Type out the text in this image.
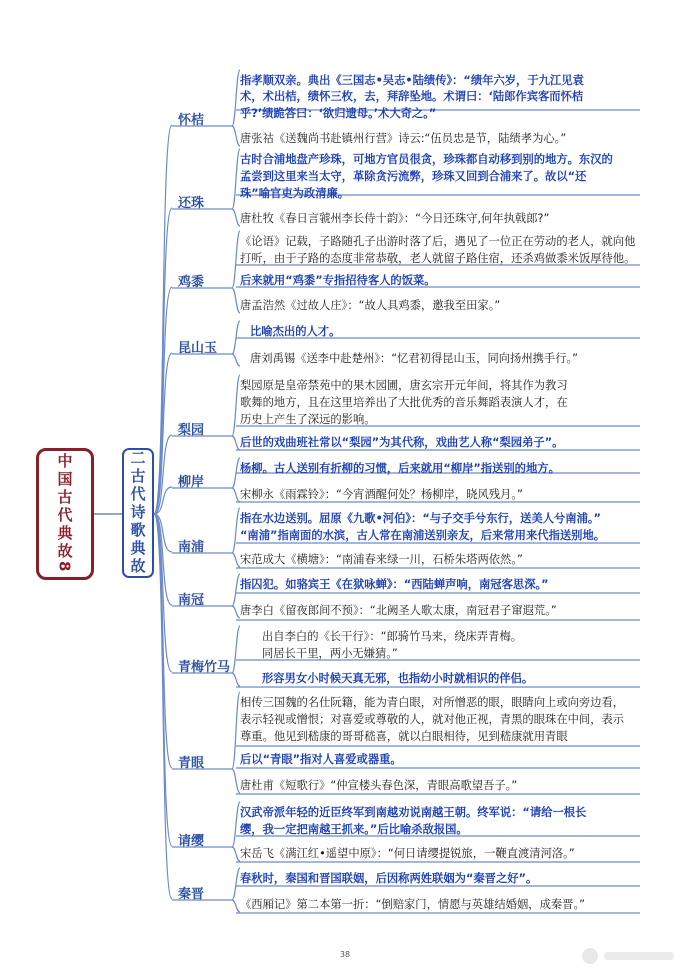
中国古代典故8	二古代诗歌典故
怀桔
指孝顺双亲。典出《三国志•吴志•陆绩传》：“绩年六岁，于九江见袁
术，术出桔，绩怀三枚，去，拜辞坠地。术谓曰：‘陆郎作宾客而怀桔
乎?’绩跪答曰：‘欲归遗母。’术大奇之。”
唐张祜《送魏尚书赴镇州行营》诗云:“伍员忠是节，陆绩孝为心。”
还珠
古时合浦地盘产珍珠，可地方官员很贪，珍珠都自动移到别的地方。东汉的
孟尝到这里来当太守，革除贪污流弊，珍珠又回到合浦来了。故以“还
珠”喻官吏为政清廉。
唐杜牧《春日言虢州李长侍十韵》：“今日还珠守,何年执戟郎?”
鸡黍
《论语》记载，子路随孔子出游时落了后，遇见了一位正在劳动的老人，就向他
打听，由于子路的态度非常恭敬，老人就留子路住宿，还杀鸡做黍米饭厚待他。
后来就用“鸡黍”专指招待客人的饭菜。
唐孟浩然《过故人庄》：“故人具鸡黍，邀我至田家。”
昆山玉
比喻杰出的人才。
唐刘禹锡《送李中赴楚州》：“忆君初得昆山玉，同向扬州携手行。”
梨园
梨园原是皇帝禁苑中的果木园圃，唐玄宗开元年间，将其作为教习
歌舞的地方，且在这里培养出了大批优秀的音乐舞蹈表演人才，在
历史上产生了深远的影响。
后世的戏曲班社常以“梨园”为其代称，戏曲艺人称“梨园弟子”。
柳岸
杨柳。古人送别有折柳的习惯，后来就用“柳岸”指送别的地方。
宋柳永《雨霖铃》：“今宵酒醒何处？杨柳岸，晓风残月。”
南浦
指在水边送别。屈原《九歌•河伯》：“与子交手兮东行，送美人兮南浦。”
“南浦”指南面的水滨，古人常在南浦送别亲友，后来常用来代指送别地。
宋范成大《横塘》：“南浦春来绿一川，石桥朱塔两依然。”
南冠
指囚犯。如骆宾王《在狱咏蝉》：“西陆蝉声响，南冠客思深。”
唐李白《留夜郎间不预》：“北阙圣人歌太康，南冠君子窜遐荒。”
青梅竹马
出自李白的《长干行》：“郎骑竹马来，绕床弄青梅。
同居长干里，两小无嫌猜。”
形容男女小时候天真无邪，也指幼小时就相识的伴侣。
青眼
相传三国魏的名仕阮籍，能为青白眼，对所憎恶的眼，眼睛向上或向旁边看，
表示轻视或憎恨；对喜爱或尊敬的人，就对他正视，青黑的眼珠在中间，表示
尊重。他见到嵇康的哥哥嵇喜，就以白眼相待，见到嵇康就用青眼
后以“青眼”指对人喜爱或器重。
唐杜甫《短歌行》“仲宣楼头春色深，青眼高歌望吾子。”
请缨
汉武帝派年轻的近臣终军到南越劝说南越王朝。终军说：“请给一根长
缨，我一定把南越王抓来。”后比喻杀敌报国。
宋岳飞《满江红•遥望中原》：“何日请缨提锐旅，一鞭直渡清河洛。”
秦晋
春秋时，秦国和晋国联姻，后因称两姓联姻为“秦晋之好”。
《西厢记》第二本第一折：“倒赔家门，情愿与英雄结婚姻，成秦晋。”
38
